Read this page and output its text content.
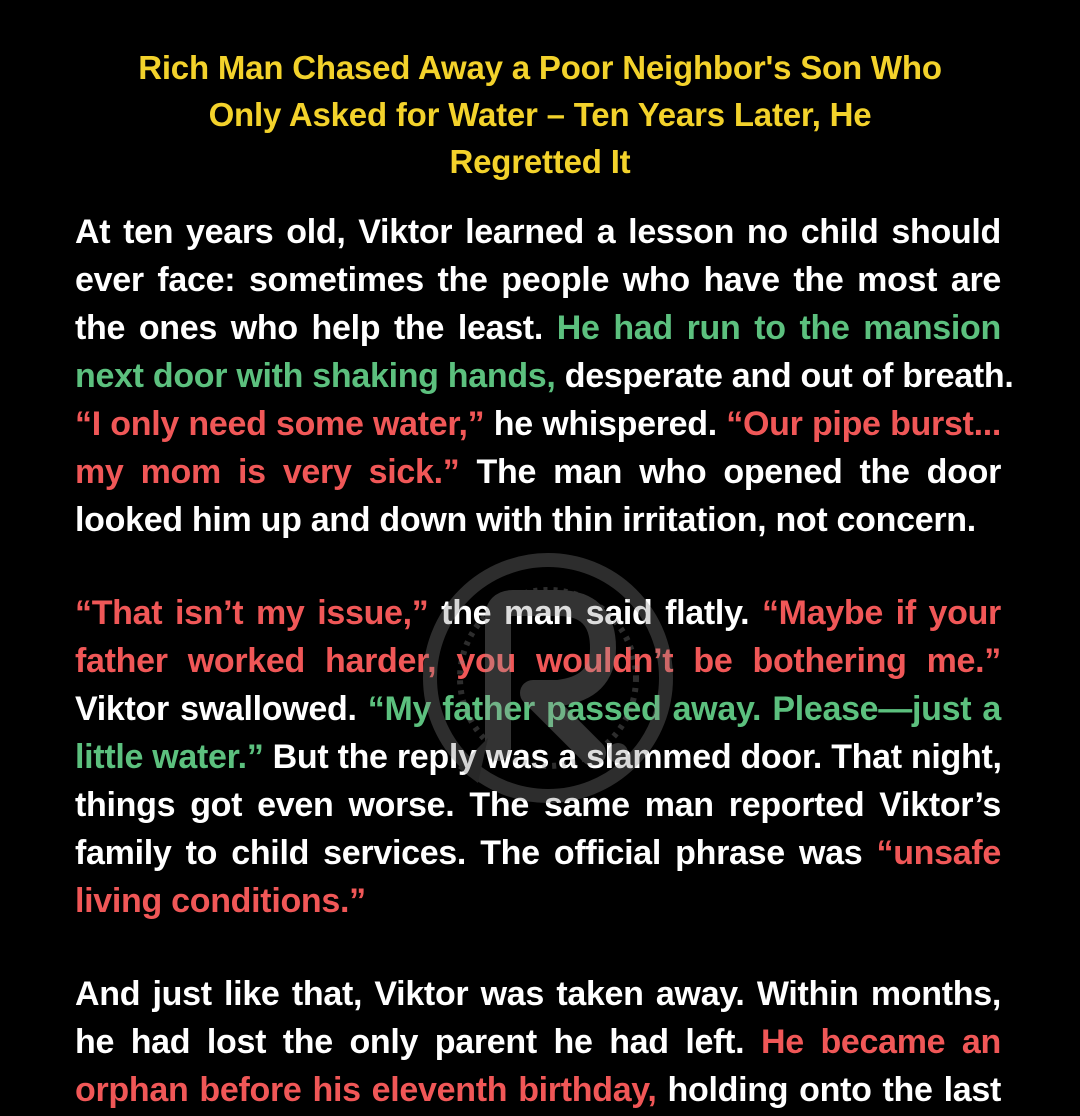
Rich Man Chased Away a Poor Neighbor's Son Who
Only Asked for Water – Ten Years Later, He
Regretted It
At ten years old, Viktor learned a lesson no child should
ever face: sometimes the people who have the most are
the ones who help the least. He had run to the mansion
next door with shaking hands, desperate and out of breath.
“I only need some water,” he whispered. “Our pipe burst...
my mom is very sick.” The man who opened the door
looked him up and down with thin irritation, not concern.
“That isn’t my issue,” the man said flatly. “Maybe if your
father worked harder, you wouldn’t be bothering me.”
Viktor swallowed. “My father passed away. Please—just a
little water.” But the reply was a slammed door. That night,
things got even worse. The same man reported Viktor’s
family to child services. The official phrase was “unsafe
living conditions.”
And just like that, Viktor was taken away. Within months,
he had lost the only parent he had left. He became an
orphan before his eleventh birthday, holding onto the last
